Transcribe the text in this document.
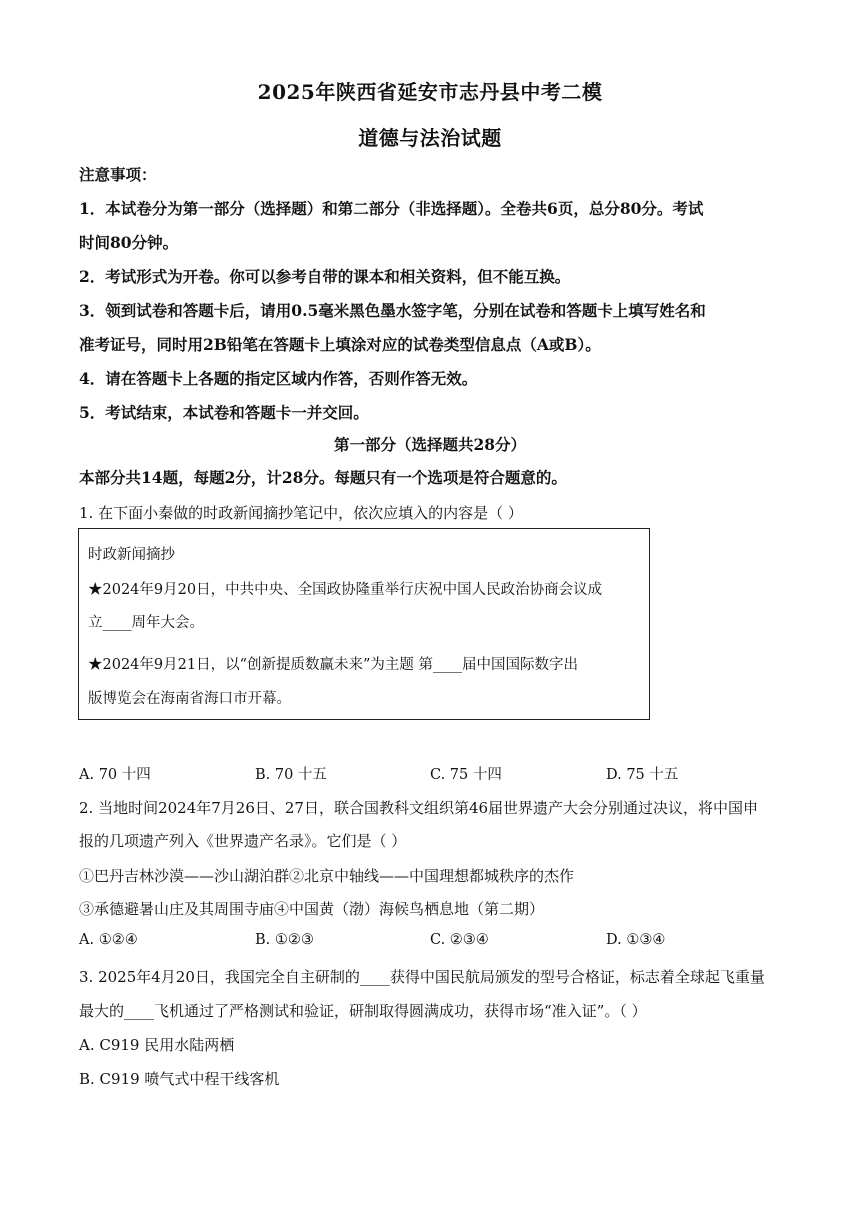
2025年陕西省延安市志丹县中考二模
道德与法治试题
注意事项：
1．本试卷分为第一部分（选择题）和第二部分（非选择题）。全卷共6页，总分80分。考试
时间80分钟。
2．考试形式为开卷。你可以参考自带的课本和相关资料，但不能互换。
3．领到试卷和答题卡后，请用0.5毫米黑色墨水签字笔，分别在试卷和答题卡上填写姓名和
准考证号，同时用2B铅笔在答题卡上填涂对应的试卷类型信息点（A或B）。
4．请在答题卡上各题的指定区域内作答，否则作答无效。
5．考试结束，本试卷和答题卡一并交回。
第一部分（选择题共28分）
本部分共14题，每题2分，计28分。每题只有一个选项是符合题意的。
1. 在下面小秦做的时政新闻摘抄笔记中，依次应填入的内容是（ ）
时政新闻摘抄
★2024年9月20日，中共中央、全国政协隆重举行庆祝中国人民政治协商会议成
立____周年大会。
★2024年9月21日，以“创新提质数赢未来”为主题 第____届中国国际数字出
版博览会在海南省海口市开幕。
A. 70 十四	B. 70 十五	C. 75 十四	D. 75 十五
2. 当地时间2024年7月26日、27日，联合国教科文组织第46届世界遗产大会分别通过决议，将中国申
报的几项遗产列入《世界遗产名录》。它们是（ ）
①巴丹吉林沙漠——沙山湖泊群②北京中轴线——中国理想都城秩序的杰作
③承德避暑山庄及其周围寺庙④中国黄（渤）海候鸟栖息地（第二期）
A. ①②④	B. ①②③	C. ②③④	D. ①③④
3. 2025年4月20日，我国完全自主研制的____获得中国民航局颁发的型号合格证，标志着全球起飞重量
最大的____飞机通过了严格测试和验证，研制取得圆满成功，获得市场“准入证”。（ ）
A. C919 民用水陆两栖
B. C919 喷气式中程干线客机
